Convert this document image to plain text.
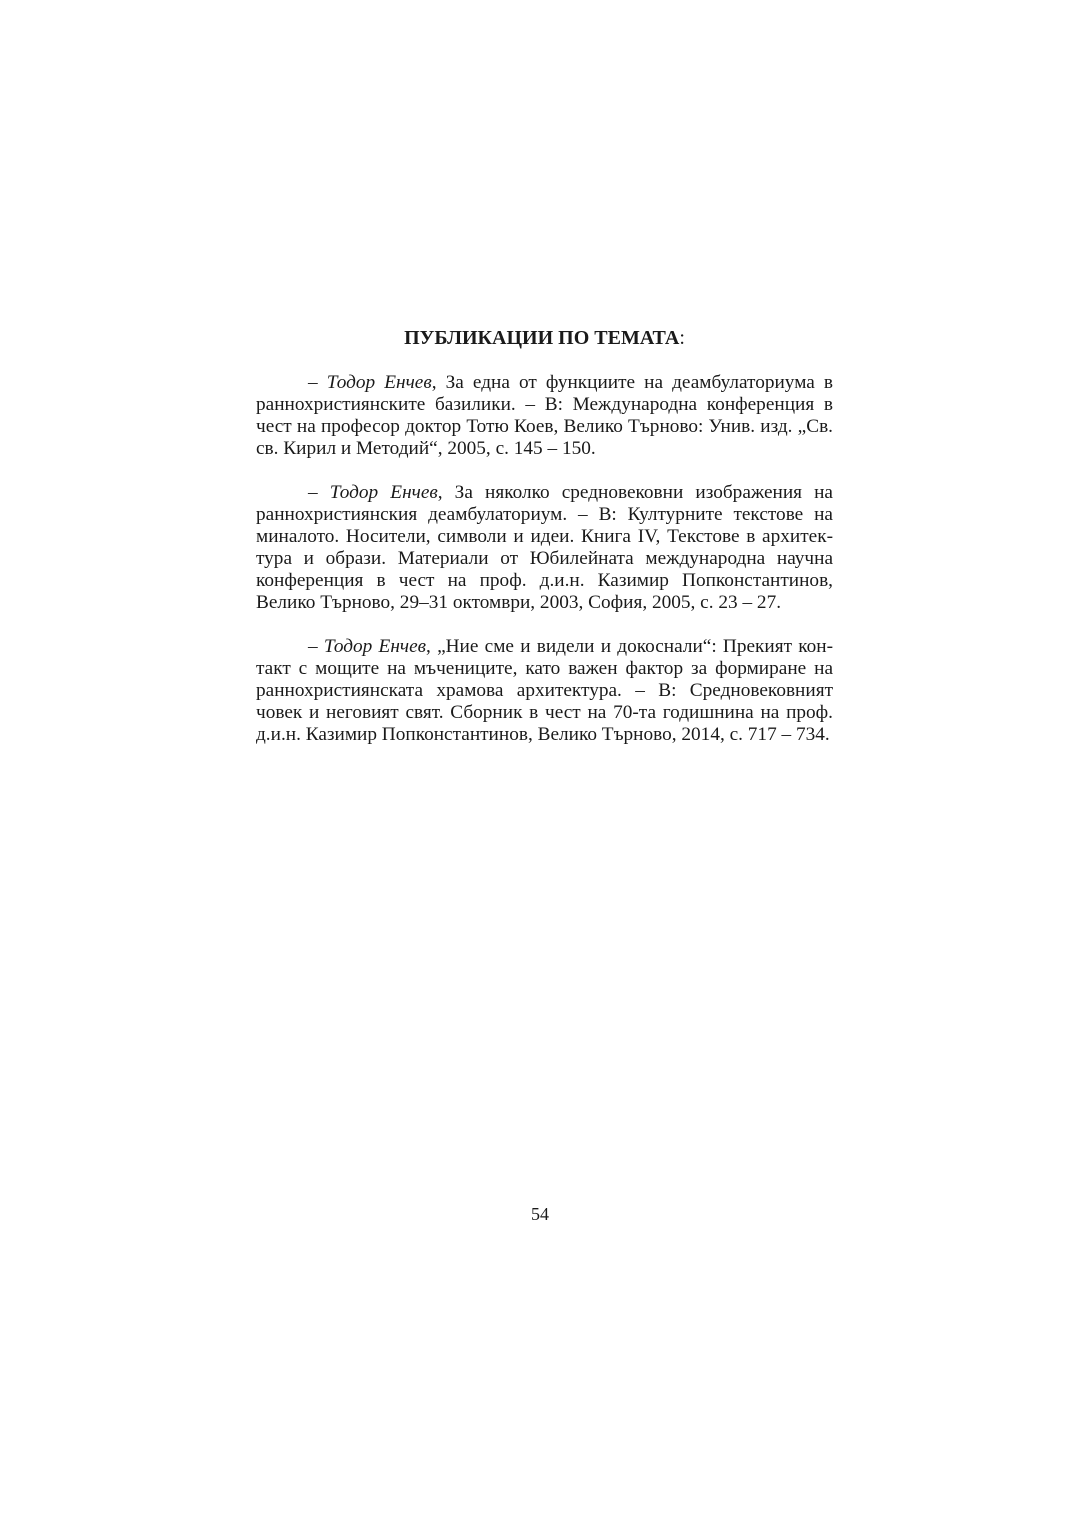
ПУБЛИКАЦИИ ПО ТЕМАТА:

– Тодор Енчев, За една от функциите на деамбулаториума в раннохристиянските базилики. – В: Международна конференция в чест на професор доктор Тотю Коев, Велико Търново: Унив. изд. „Св. св. Кирил и Методий“, 2005, с. 145 – 150.

– Тодор Енчев, За няколко средновековни изображения на раннохристиянския деамбулаториум. – В: Културните текстове на миналото. Носители, символи и идеи. Книга IV, Текстове в архитектура и образи. Материали от Юбилейната международна научна конференция в чест на проф. д.и.н. Казимир Попконстантинов, Велико Търново, 29–31 октомври, 2003, София, 2005, с. 23 – 27.

– Тодор Енчев, „Ние сме и видели и докоснали“: Прекият контакт с мощите на мъчениците, като важен фактор за формиране на раннохристиянската храмова архитектура. – В: Средновековният човек и неговият свят. Сборник в чест на 70-та годишнина на проф. д.и.н. Казимир Попконстантинов, Велико Търново, 2014, с. 717 – 734.

54
